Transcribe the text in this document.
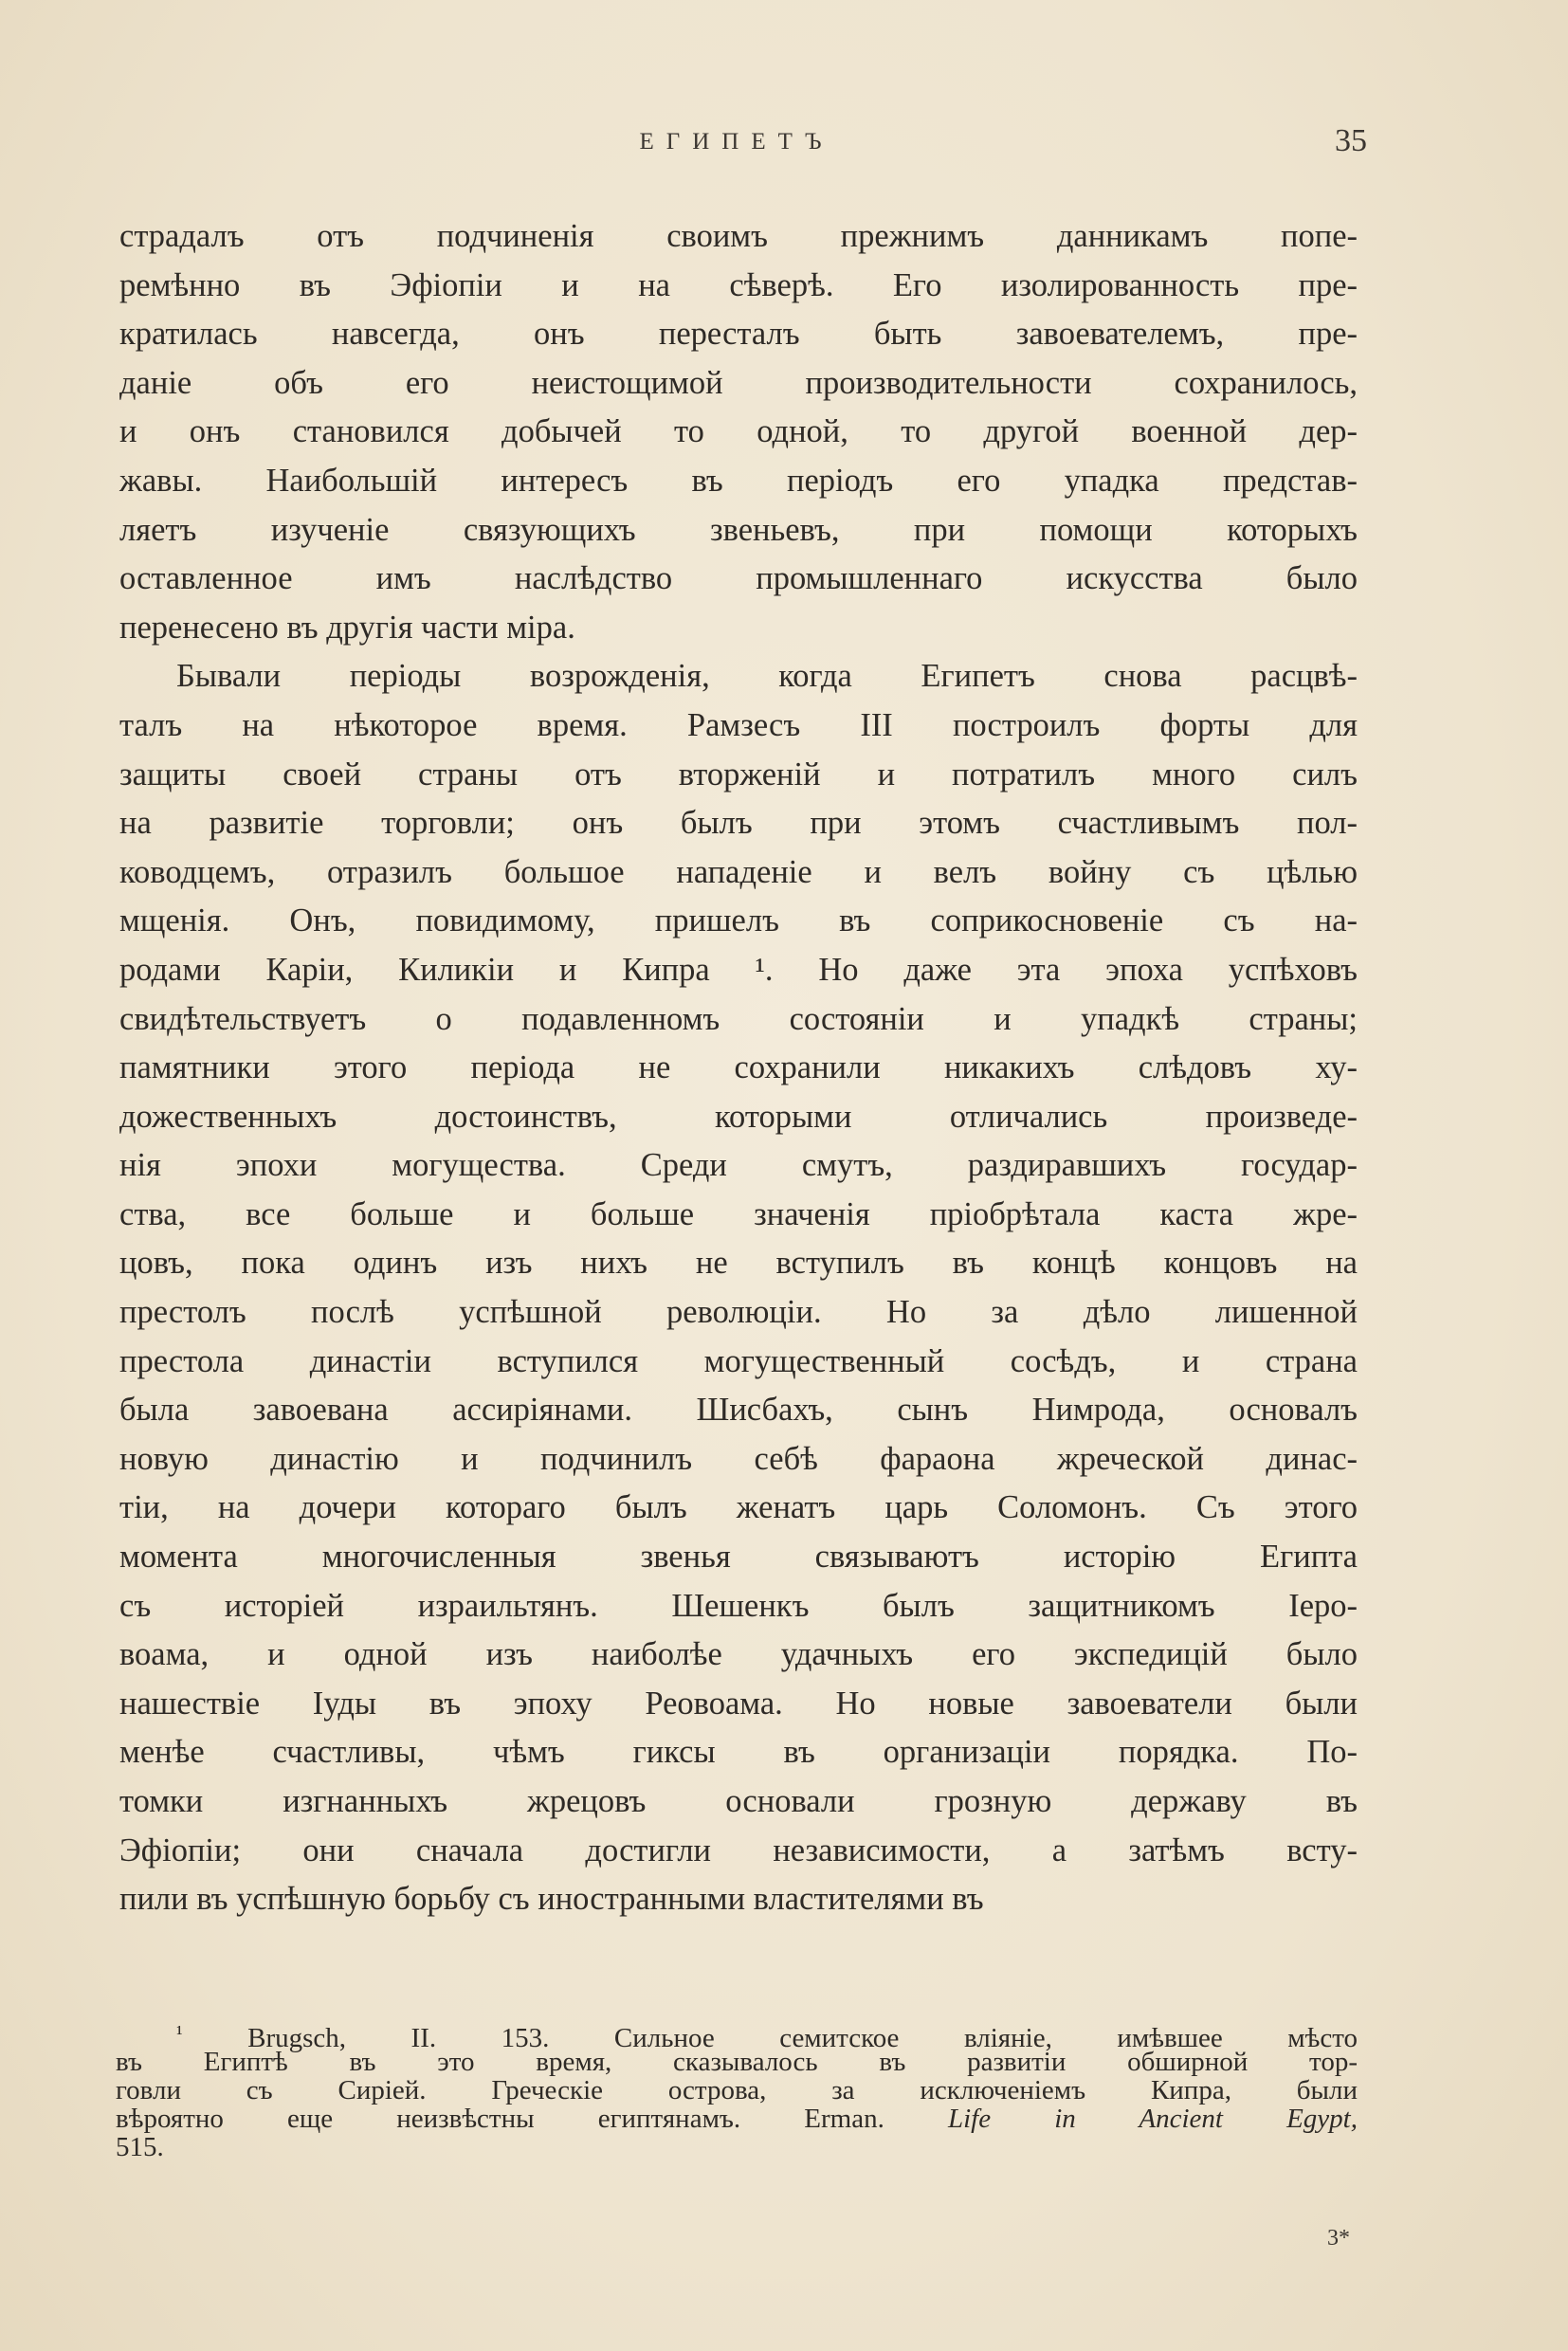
ЕГИПЕТЪ	35
страдалъ отъ подчиненія своимъ прежнимъ данникамъ попе-
ремѣнно въ Эфіопіи и на сѣверѣ. Его изолированность пре-
кратилась навсегда, онъ пересталъ быть завоевателемъ, пре-
даніе объ его неистощимой производительности сохранилось,
и онъ становился добычей то одной, то другой военной дер-
жавы. Наибольшій интересъ въ періодъ его упадка представ-
ляетъ изученіе связующихъ звеньевъ, при помощи которыхъ
оставленное имъ наслѣдство промышленнаго искусства было
перенесено въ другія части міра.
Бывали періоды возрожденія, когда Египетъ снова расцвѣ-
талъ на нѣкоторое время. Рамзесъ III построилъ форты для
защиты своей страны отъ вторженій и потратилъ много силъ
на развитіе торговли; онъ былъ при этомъ счастливымъ пол-
ководцемъ, отразилъ большое нападеніе и велъ войну съ цѣлью
мщенія. Онъ, повидимому, пришелъ въ соприкосновеніе съ на-
родами Каріи, Киликіи и Кипра ¹. Но даже эта эпоха успѣховъ
свидѣтельствуетъ о подавленномъ состояніи и упадкѣ страны;
памятники этого періода не сохранили никакихъ слѣдовъ ху-
дожественныхъ достоинствъ, которыми отличались произведе-
нія эпохи могущества. Среди смутъ, раздиравшихъ государ-
ства, все больше и больше значенія пріобрѣтала каста жре-
цовъ, пока одинъ изъ нихъ не вступилъ въ концѣ концовъ на
престолъ послѣ успѣшной революціи. Но за дѣло лишенной
престола династіи вступился могущественный сосѣдъ, и страна
была завоевана ассиріянами. Шисбахъ, сынъ Нимрода, основалъ
новую династію и подчинилъ себѣ фараона жреческой динас-
тіи, на дочери котораго былъ женатъ царь Соломонъ. Съ этого
момента многочисленныя звенья связываютъ исторію Египта
съ исторіей израильтянъ. Шешенкъ былъ защитникомъ Іеро-
воама, и одной изъ наиболѣе удачныхъ его экспедицій было
нашествіе Іуды въ эпоху Реовоама. Но новые завоеватели были
менѣе счастливы, чѣмъ гиксы въ организаціи порядка. По-
томки изгнанныхъ жрецовъ основали грозную державу въ
Эфіопіи; они сначала достигли независимости, а затѣмъ всту-
пили въ успѣшную борьбу съ иностранными властителями въ
$^{^1}$ Brugsch, II. 153. Сильное семитское вліяніе, имѣвшее мѣсто
въ Египтѣ въ это время, сказывалось въ развитіи обширной тор-
говли съ Сиріей. Греческіе острова, за исключеніемъ Кипра, были
вѣроятно еще неизвѣстны египтянамъ. Erman. Life in Ancient Egypt,
515.
3*
